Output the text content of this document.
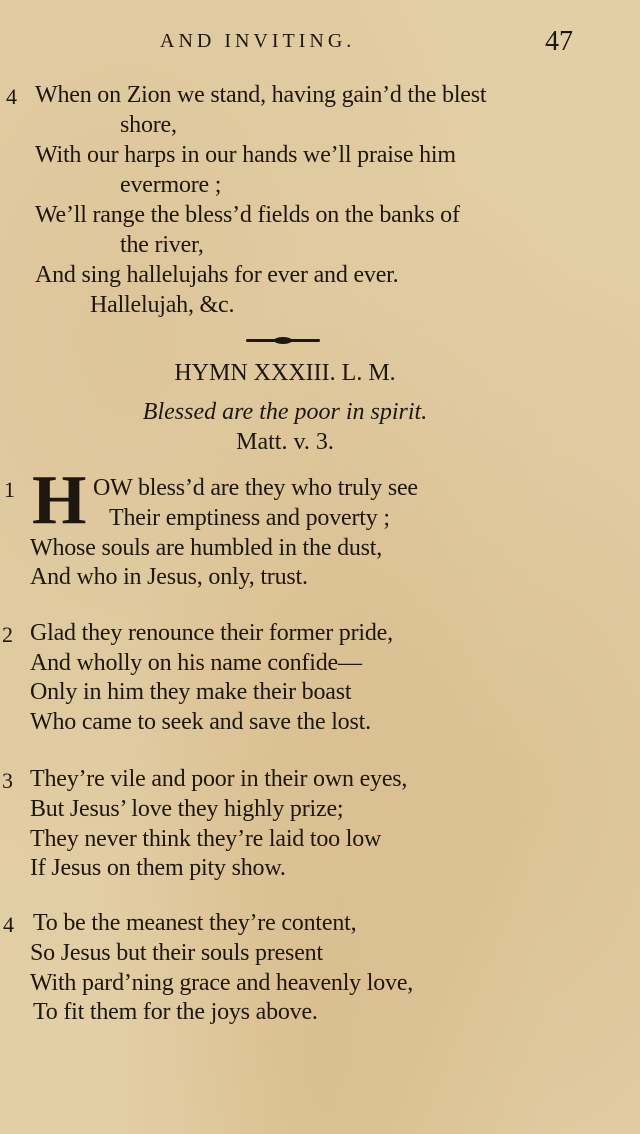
AND INVITING.	47
4 When on Zion we stand, having gain’d the blest
shore,
With our harps in our hands we’ll praise him
evermore ;
We’ll range the bless’d fields on the banks of
the river,
And sing hallelujahs for ever and ever.
Hallelujah, &c.
HYMN XXXIII. L. M.
Blessed are the poor in spirit.
Matt. v. 3.
1 H OW bless’d are they who truly see
Their emptiness and poverty ;
Whose souls are humbled in the dust,
And who in Jesus, only, trust.
2 Glad they renounce their former pride,
And wholly on his name confide—
Only in him they make their boast
Who came to seek and save the lost.
3 They’re vile and poor in their own eyes,
But Jesus’ love they highly prize;
They never think they’re laid too low
If Jesus on them pity show.
4 To be the meanest they’re content,
So Jesus but their souls present
With pard’ning grace and heavenly love,
To fit them for the joys above.
